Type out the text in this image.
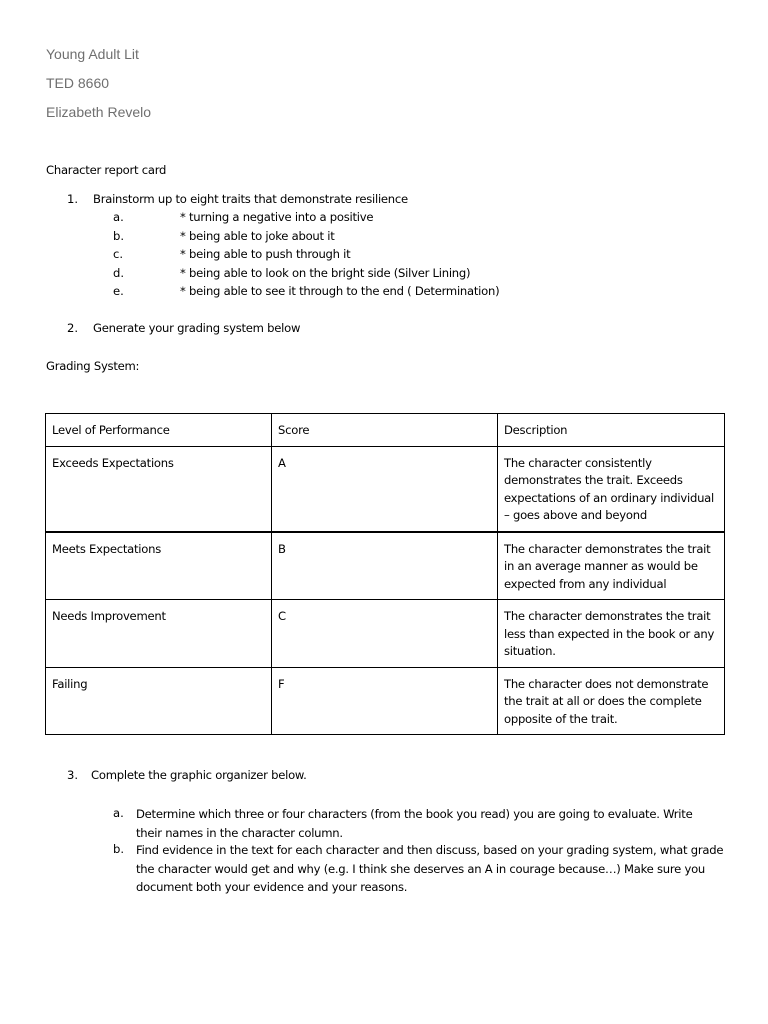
Young Adult Lit
TED 8660
Elizabeth Revelo
Character report card
1. Brainstorm up to eight traits that demonstrate resilience
a.	* turning a negative into a positive
b.	* being able to joke about it
c.	* being able to push through it
d.	* being able to look on the bright side (Silver Lining)
e.	* being able to see it through to the end ( Determination)
2. Generate your grading system below
Grading System:
Level of Performance	Score	Description
Exceeds Expectations	A	The character consistently
demonstrates the trait. Exceeds
expectations of an ordinary individual
– goes above and beyond

Meets Expectations	B	The character demonstrates the trait
in an average manner as would be
expected from any individual

Needs Improvement	C	The character demonstrates the trait
less than expected in the book or any
situation.

Failing	F	The character does not demonstrate
the trait at all or does the complete
opposite of the trait.
3. Complete the graphic organizer below.
a. Determine which three or four characters (from the book you read) you are going to evaluate. Write
their names in the character column.
b. Find evidence in the text for each character and then discuss, based on your grading system, what grade
the character would get and why (e.g. I think she deserves an A in courage because…) Make sure you
document both your evidence and your reasons.
